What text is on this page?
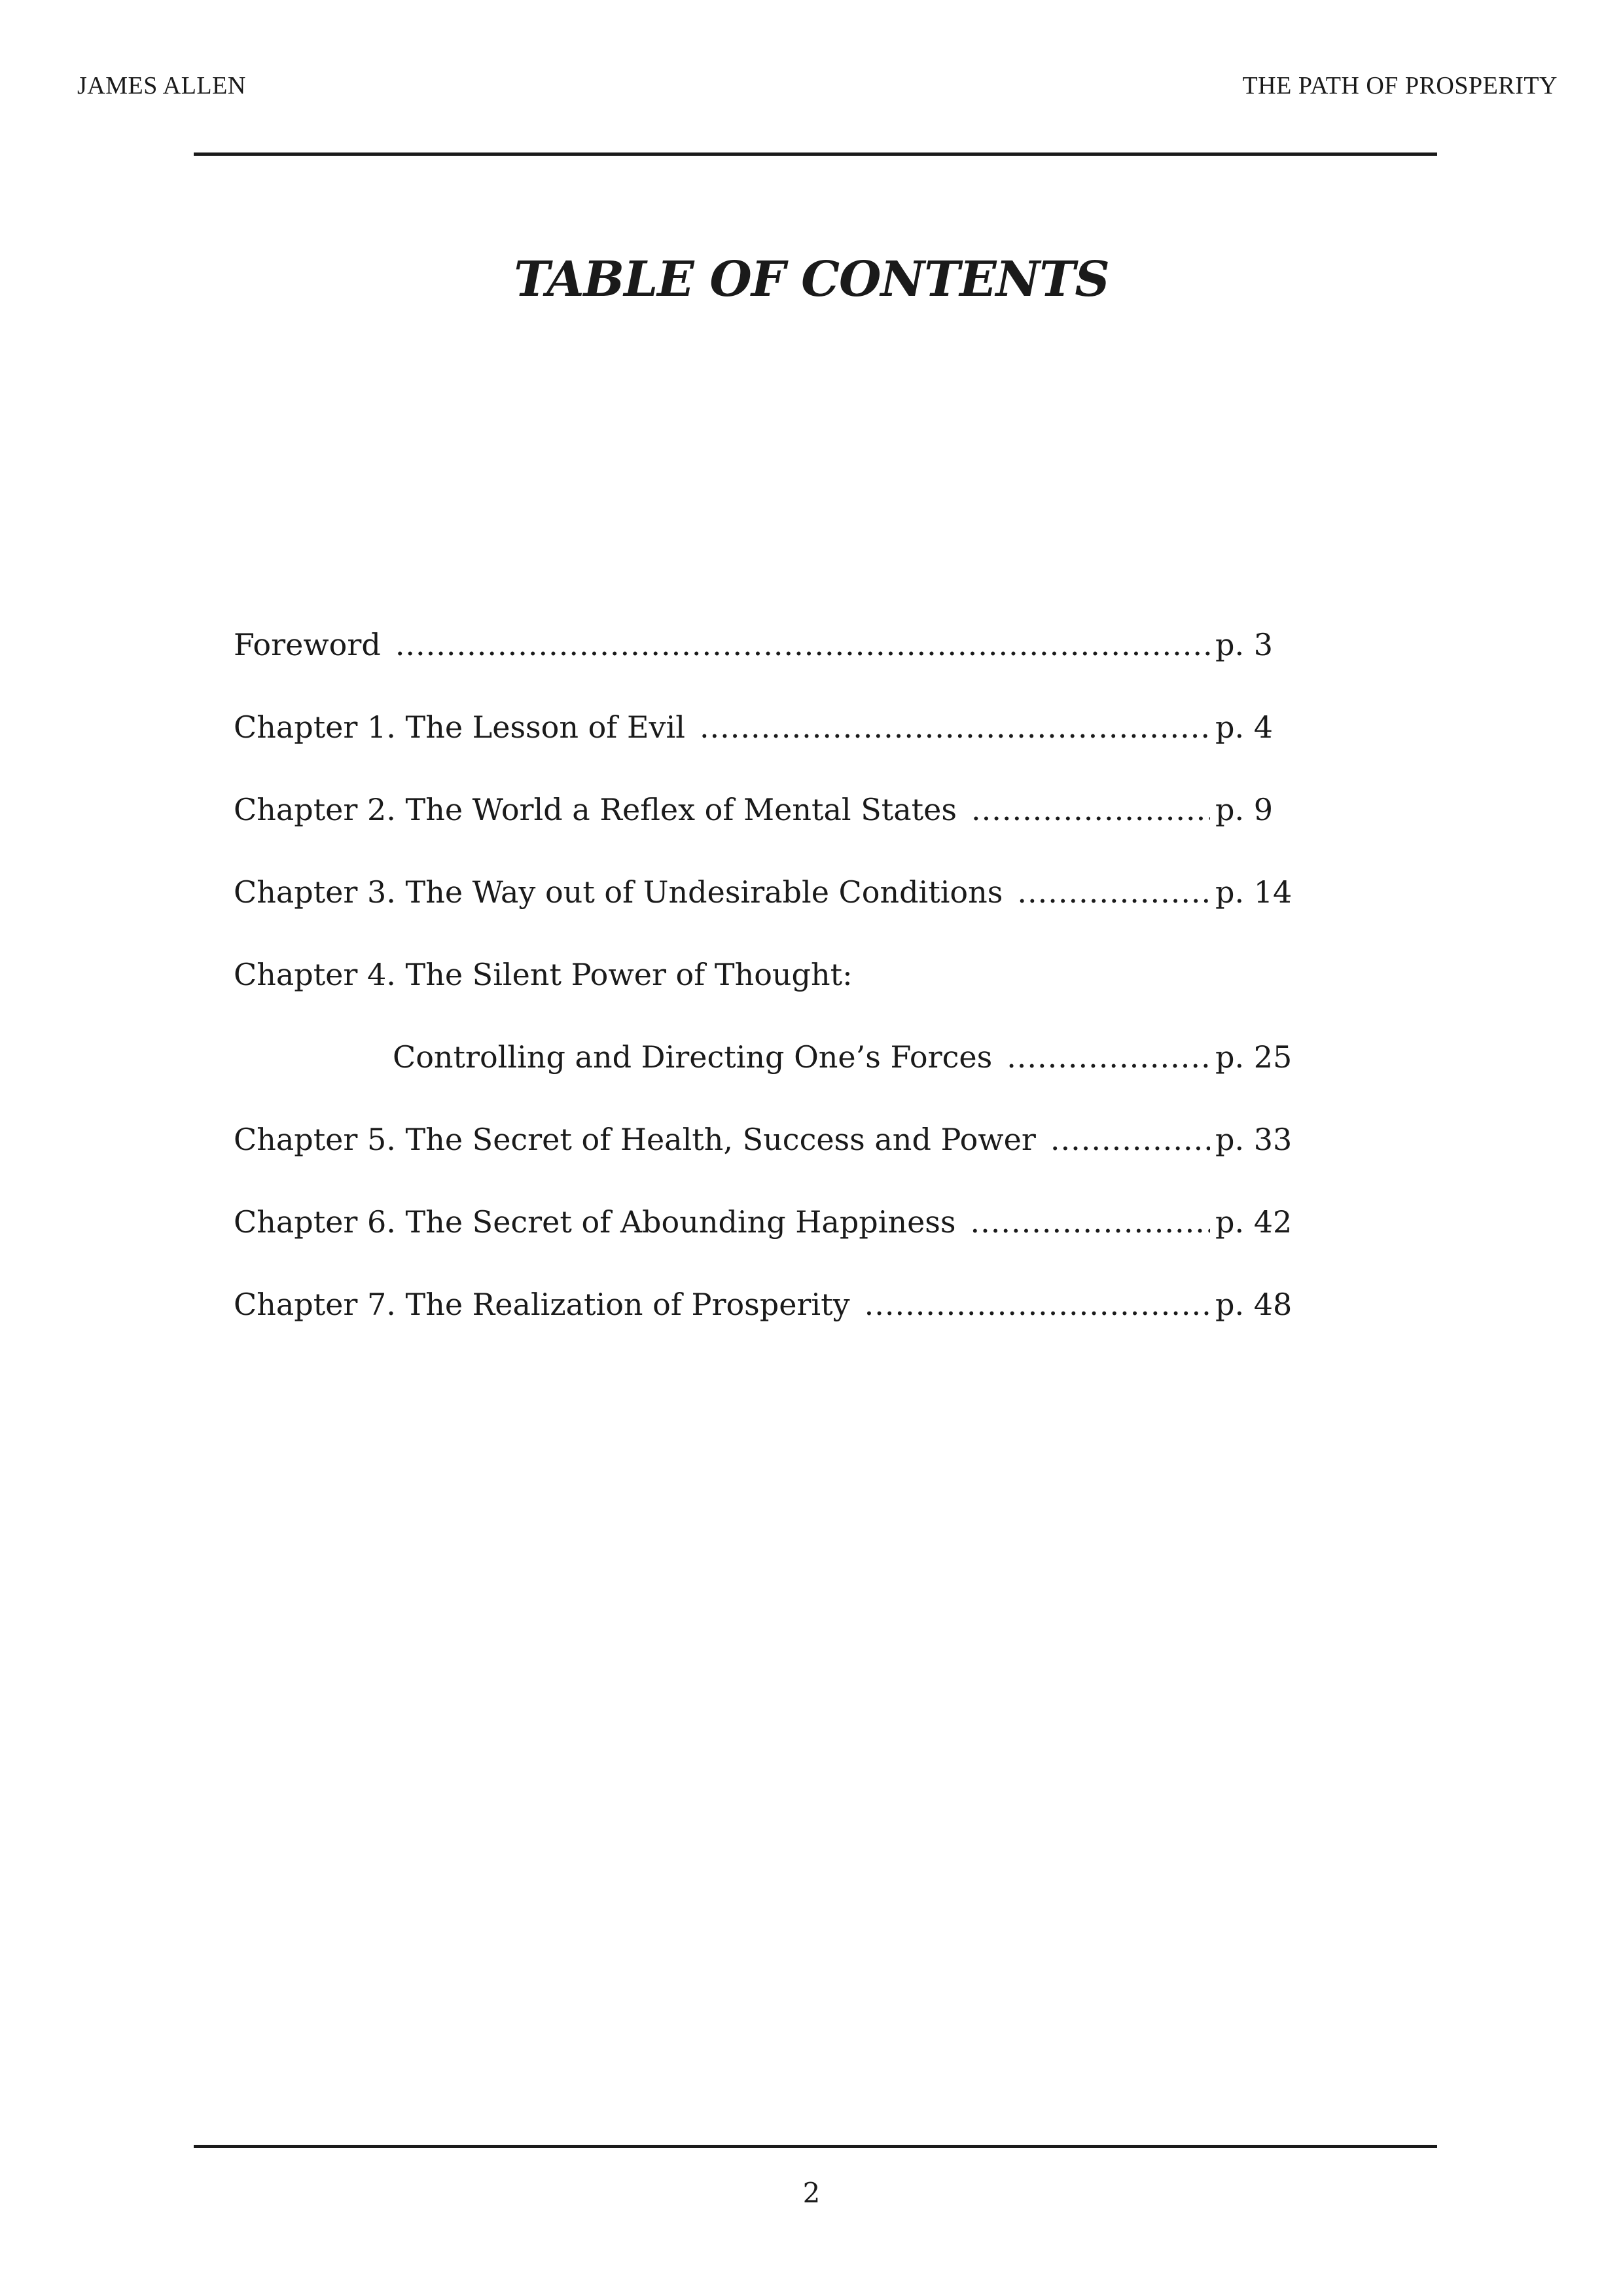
JAMES ALLEN	THE PATH OF PROSPERITY
TABLE OF CONTENTS
Foreword .....	p. 3
Chapter 1. The Lesson of Evil .....	p. 4
Chapter 2. The World a Reflex of Mental States .....	p. 9
Chapter 3. The Way out of Undesirable Conditions .....	p. 14
Chapter 4. The Silent Power of Thought:
Controlling and Directing One’s Forces .....	p. 25
Chapter 5. The Secret of Health, Success and Power .....	p. 33
Chapter 6. The Secret of Abounding Happiness .....	p. 42
Chapter 7. The Realization of Prosperity .....	p. 48
2
